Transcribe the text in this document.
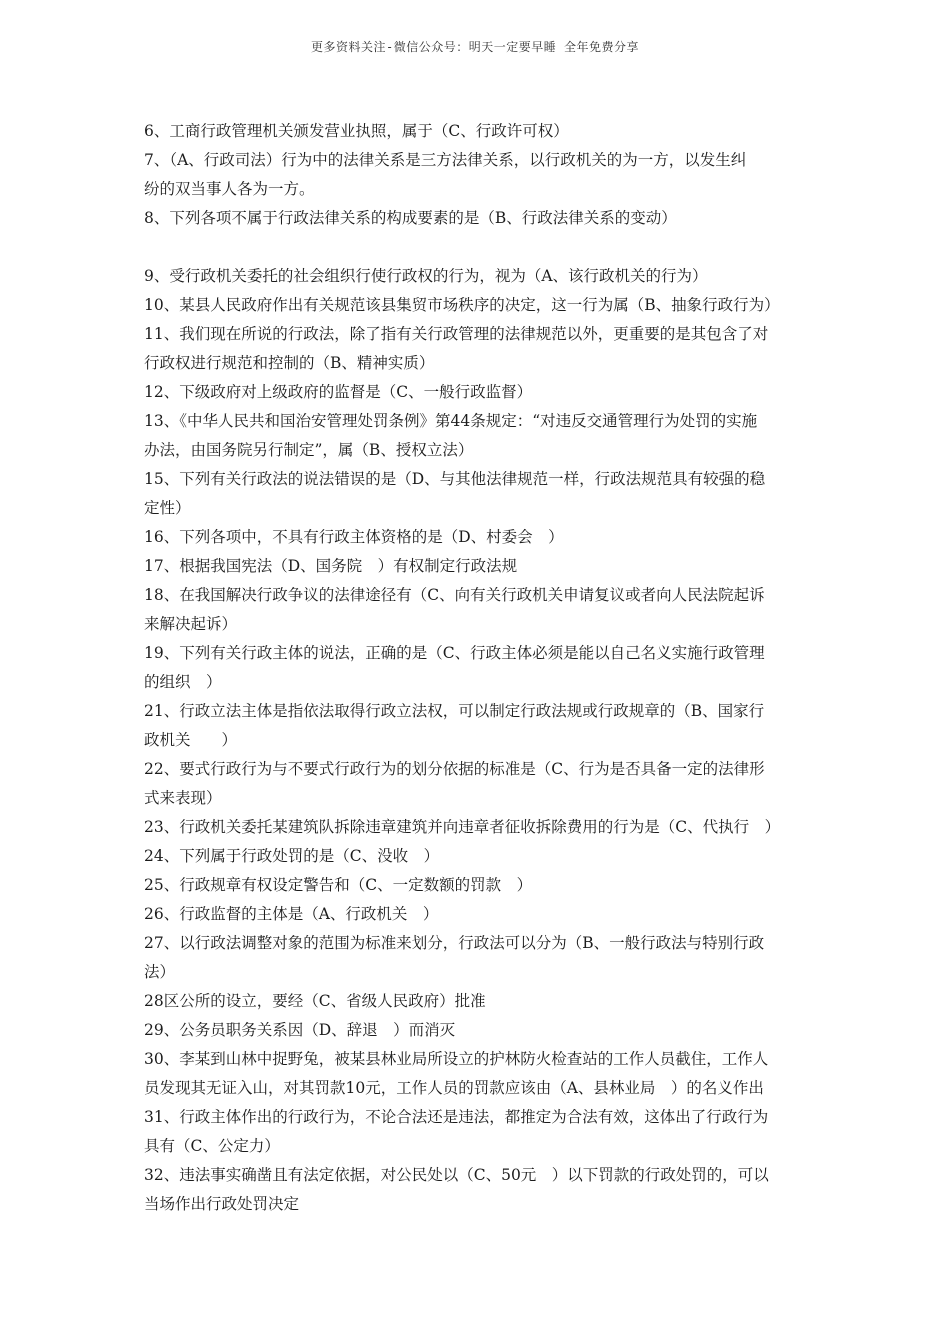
更多资料关注-微信公众号：明天一定要早睡 全年免费分享
6、工商行政管理机关颁发营业执照，属于（C、行政许可权）
7、（A、行政司法）行为中的法律关系是三方法律关系，以行政机关的为一方，以发生纠
纷的双当事人各为一方。
8、下列各项不属于行政法律关系的构成要素的是（B、行政法律关系的变动）
9、受行政机关委托的社会组织行使行政权的行为，视为（A、该行政机关的行为）
10、某县人民政府作出有关规范该县集贸市场秩序的决定，这一行为属（B、抽象行政行为）
11、我们现在所说的行政法，除了指有关行政管理的法律规范以外，更重要的是其包含了对
行政权进行规范和控制的（B、精神实质）
12、下级政府对上级政府的监督是（C、一般行政监督）
13、《中华人民共和国治安管理处罚条例》第44条规定：“对违反交通管理行为处罚的实施
办法，由国务院另行制定”，属（B、授权立法）
15、下列有关行政法的说法错误的是（D、与其他法律规范一样，行政法规范具有较强的稳
定性）
16、下列各项中，不具有行政主体资格的是（D、村委会　）
17、根据我国宪法（D、国务院　）有权制定行政法规
18、在我国解决行政争议的法律途径有（C、向有关行政机关申请复议或者向人民法院起诉
来解决起诉）
19、下列有关行政主体的说法，正确的是（C、行政主体必须是能以自己名义实施行政管理
的组织　）
21、行政立法主体是指依法取得行政立法权，可以制定行政法规或行政规章的（B、国家行
政机关　　）
22、要式行政行为与不要式行政行为的划分依据的标准是（C、行为是否具备一定的法律形
式来表现）
23、行政机关委托某建筑队拆除违章建筑并向违章者征收拆除费用的行为是（C、代执行　）
24、下列属于行政处罚的是（C、没收　）
25、行政规章有权设定警告和（C、一定数额的罚款　）
26、行政监督的主体是（A、行政机关　）
27、以行政法调整对象的范围为标准来划分，行政法可以分为（B、一般行政法与特别行政
法）
28区公所的设立，要经（C、省级人民政府）批准
29、公务员职务关系因（D、辞退　）而消灭
30、李某到山林中捉野兔，被某县林业局所设立的护林防火检查站的工作人员截住，工作人
员发现其无证入山，对其罚款10元，工作人员的罚款应该由（A、县林业局　）的名义作出
31、行政主体作出的行政行为，不论合法还是违法，都推定为合法有效，这体出了行政行为
具有（C、公定力）
32、违法事实确凿且有法定依据，对公民处以（C、50元　）以下罚款的行政处罚的，可以
当场作出行政处罚决定
